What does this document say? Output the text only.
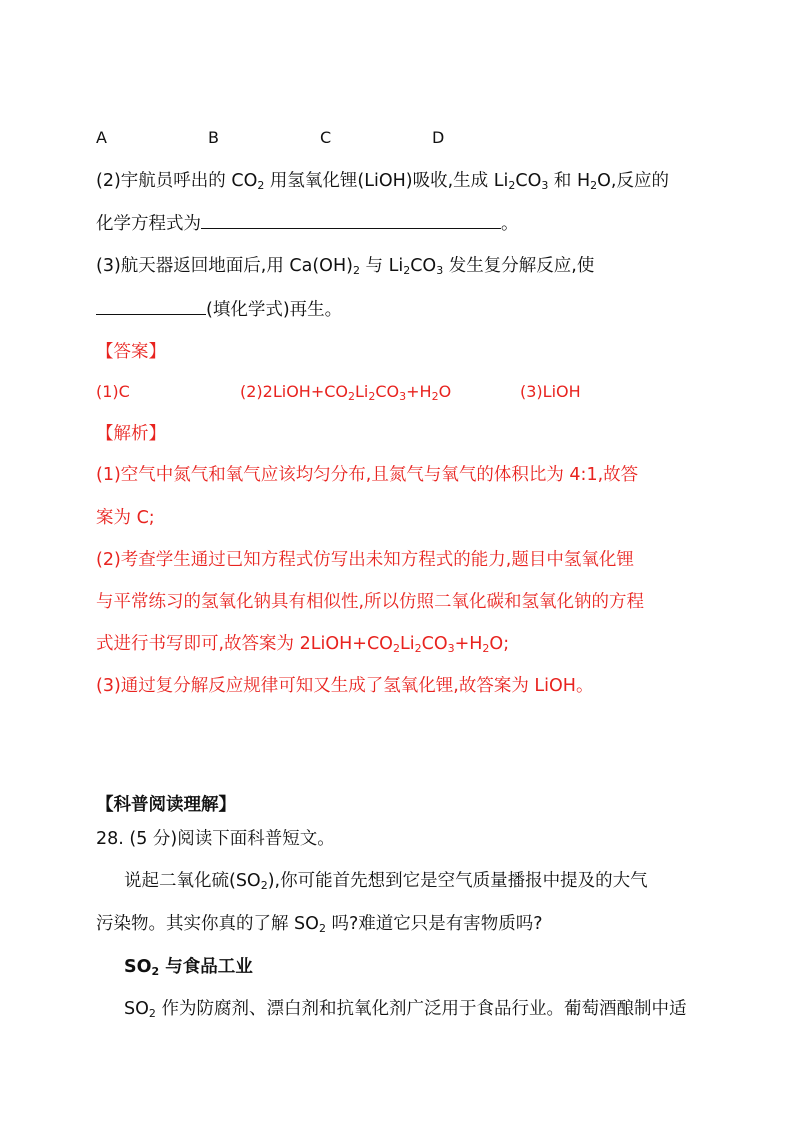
A	B	C	D
(2)宇航员呼出的 $CO_2$ 用氢氧化锂(LiOH)吸收,生成 $Li_2CO_3$ 和 $H_2O$,反应的
化学方程式为	。
(3)航天器返回地面后,用 $Ca(OH)_2$ 与 $Li_2CO_3$ 发生复分解反应,使
(填化学式)再生。
【答案】
(1)C	$(2)2LiOH+CO_2Li_2CO_3+H_2O$	(3)LiOH
【解析】
(1)空气中氮气和氧气应该均匀分布,且氮气与氧气的体积比为 4:1,故答
案为 C;
(2)考查学生通过已知方程式仿写出未知方程式的能力,题目中氢氧化锂
与平常练习的氢氧化钠具有相似性,所以仿照二氧化碳和氢氧化钠的方程
式进行书写即可,故答案为 $2LiOH+CO_2Li_2CO_3+H_2O$;
(3)通过复分解反应规律可知又生成了氢氧化锂,故答案为 LiOH。
【科普阅读理解】
28. (5 分)阅读下面科普短文。
说起二氧化硫$(SO_2)$,你可能首先想到它是空气质量播报中提及的大气
污染物。其实你真的了解 $SO_2$ 吗?难道它只是有害物质吗?
$SO_2$ 与食品工业
$SO_2$ 作为防腐剂、漂白剂和抗氧化剂广泛用于食品行业。葡萄酒酿制中适
